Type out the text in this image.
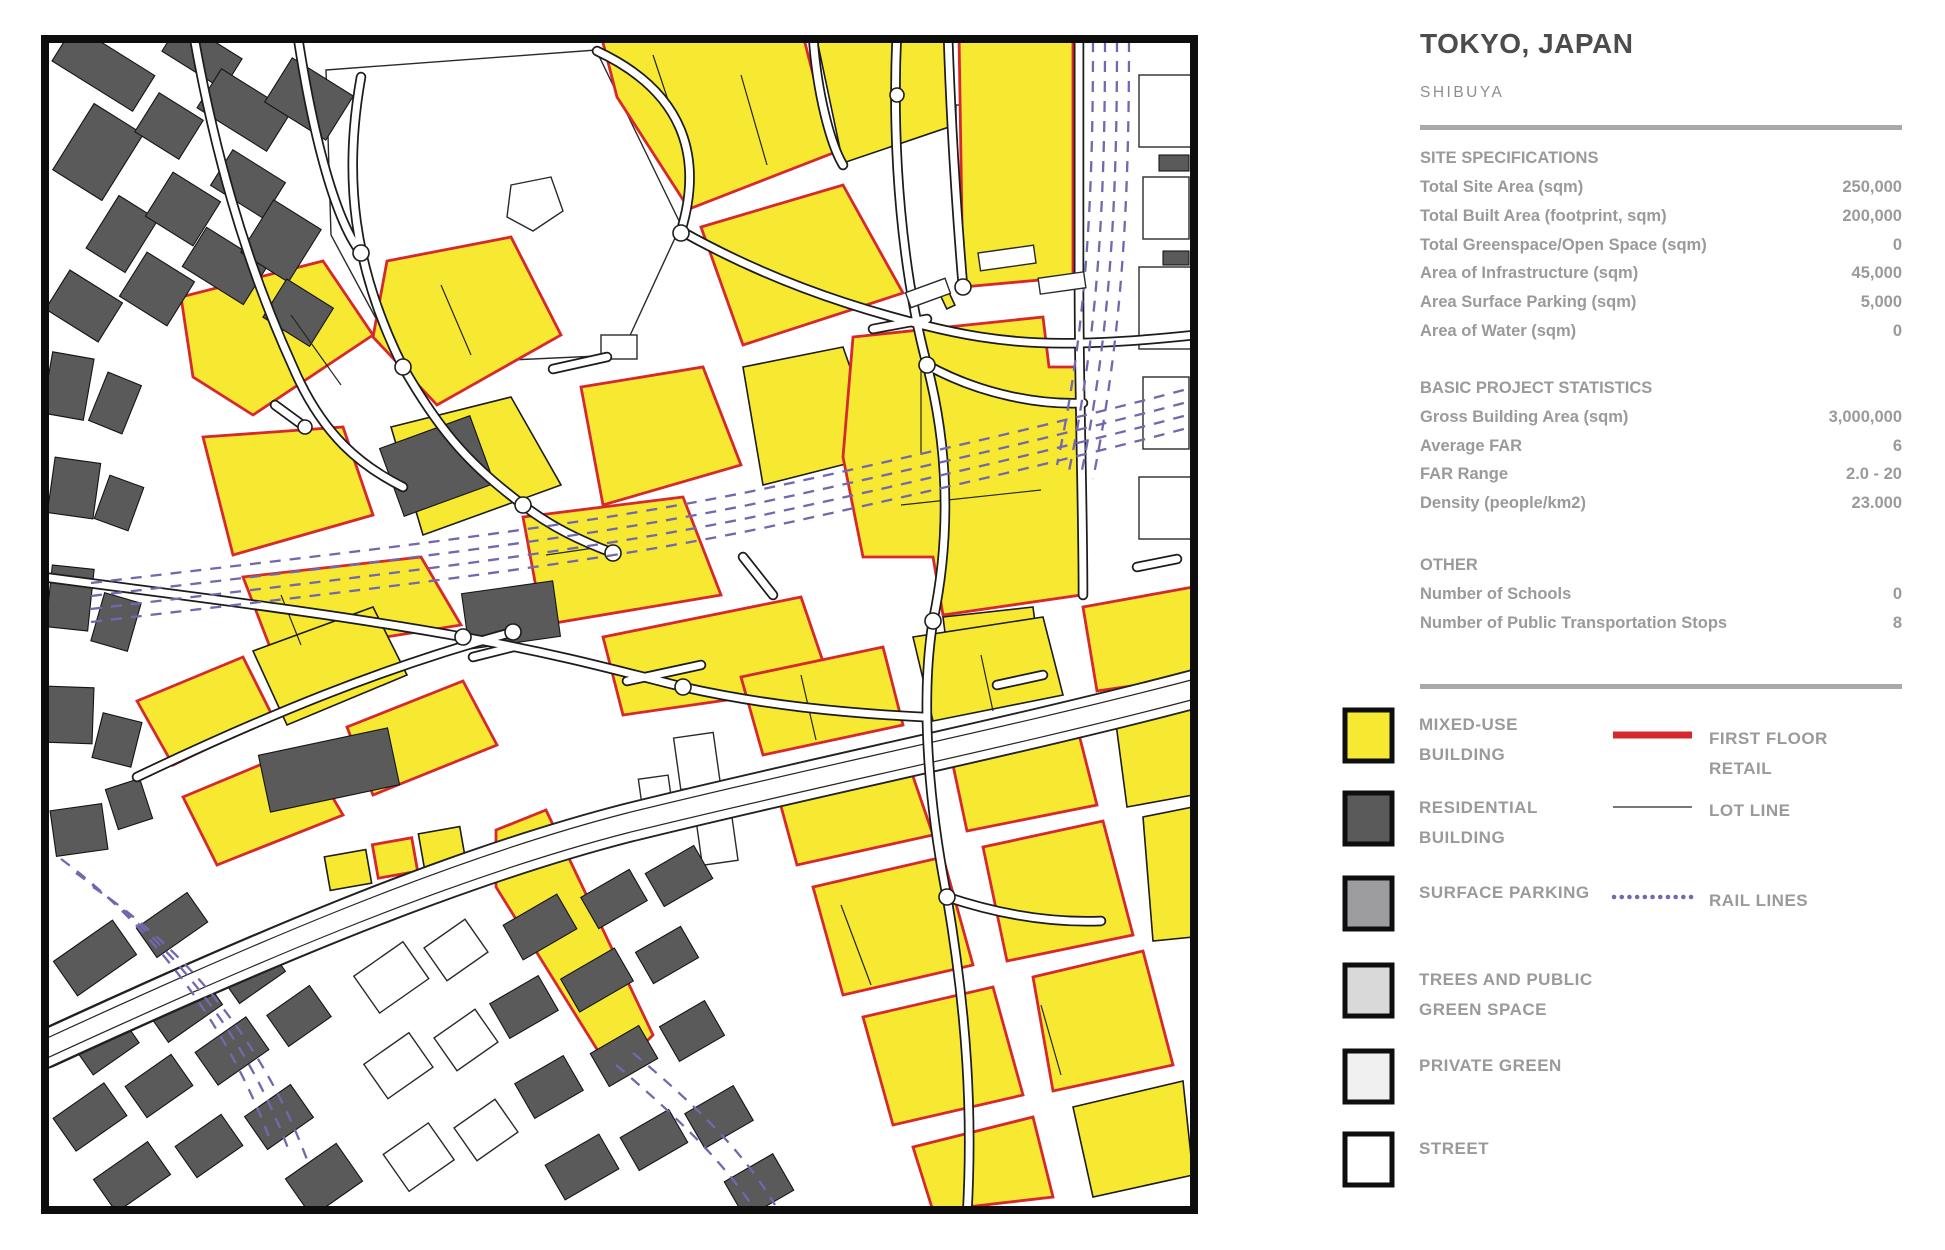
TOKYO, JAPAN
SHIBUYA
SITE SPECIFICATIONS
Total Site Area (sqm)	250,000
Total Built Area (footprint, sqm)	200,000
Total Greenspace/Open Space (sqm)	0
Area of Infrastructure (sqm)	45,000
Area Surface Parking (sqm)	5,000
Area of Water (sqm)	0
BASIC PROJECT STATISTICS
Gross Building Area (sqm)	3,000,000
Average FAR	6
FAR Range	2.0 - 20
Density (people/km2)	23.000
OTHER
Number of Schools	0
Number of Public Transportation Stops	8
MIXED-USE
BUILDING
RESIDENTIAL
BUILDING
SURFACE PARKING
TREES AND PUBLIC
GREEN SPACE
PRIVATE GREEN
STREET
FIRST FLOOR
RETAIL
LOT LINE
RAIL LINES
